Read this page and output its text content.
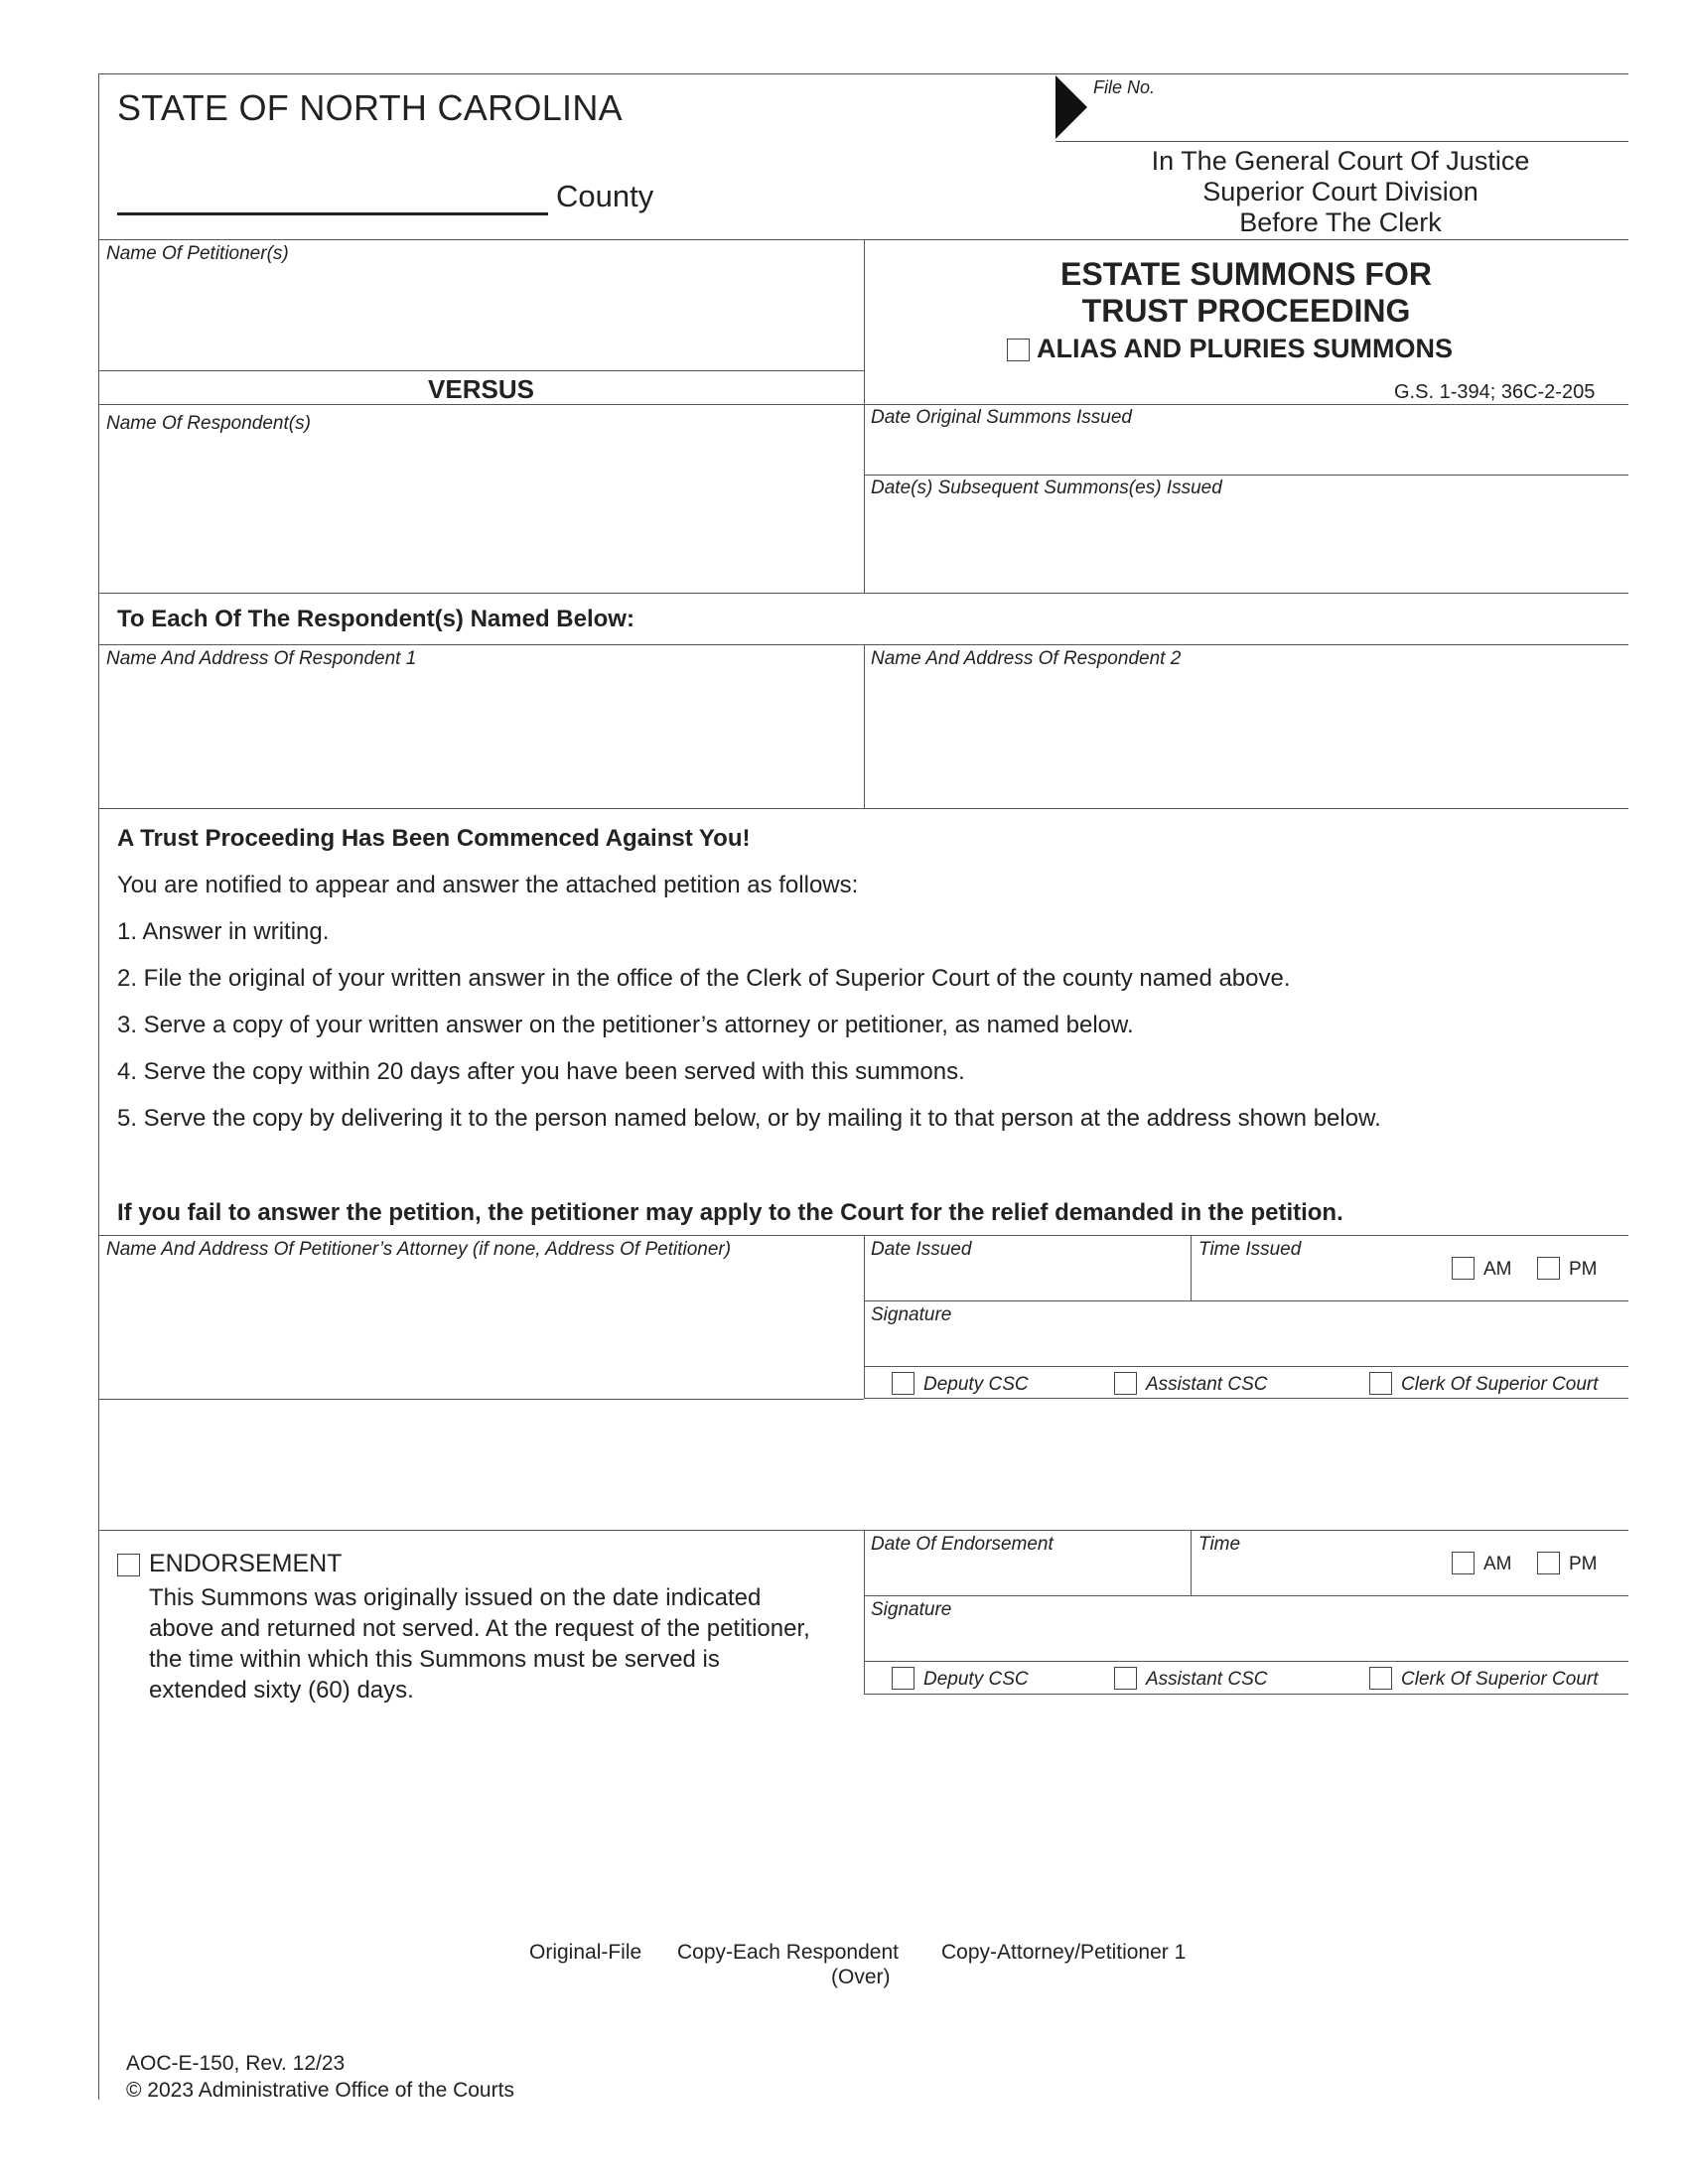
STATE OF NORTH CAROLINA
County
File No.
In The General Court Of Justice
Superior Court Division
Before The Clerk
Name Of Petitioner(s)
VERSUS
Name Of Respondent(s)
ESTATE SUMMONS FOR
TRUST PROCEEDING
ALIAS AND PLURIES SUMMONS
G.S. 1-394; 36C-2-205
Date Original Summons Issued
Date(s) Subsequent Summons(es) Issued
To Each Of The Respondent(s) Named Below:
Name And Address Of Respondent 1	Name And Address Of Respondent 2
A Trust Proceeding Has Been Commenced Against You!
You are notified to appear and answer the attached petition as follows:
1. Answer in writing.
2. File the original of your written answer in the office of the Clerk of Superior Court of the county named above.
3. Serve a copy of your written answer on the petitioner’s attorney or petitioner, as named below.
4. Serve the copy within 20 days after you have been served with this summons.
5. Serve the copy by delivering it to the person named below, or by mailing it to that person at the address shown below.
If you fail to answer the petition, the petitioner may apply to the Court for the relief demanded in the petition.
Name And Address Of Petitioner’s Attorney (if none, Address Of Petitioner)	Date Issued	Time Issued
AM	PM
Signature
Deputy CSC	Assistant CSC	Clerk Of Superior Court
ENDORSEMENT
This Summons was originally issued on the date indicated
above and returned not served. At the request of the petitioner,
the time within which this Summons must be served is
extended sixty (60) days.
Date Of Endorsement	Time
AM	PM
Signature
Deputy CSC	Assistant CSC	Clerk Of Superior Court
Original-File Copy-Each Respondent Copy-Attorney/Petitioner 1
(Over)
AOC-E-150, Rev. 12/23
© 2023 Administrative Office of the Courts
